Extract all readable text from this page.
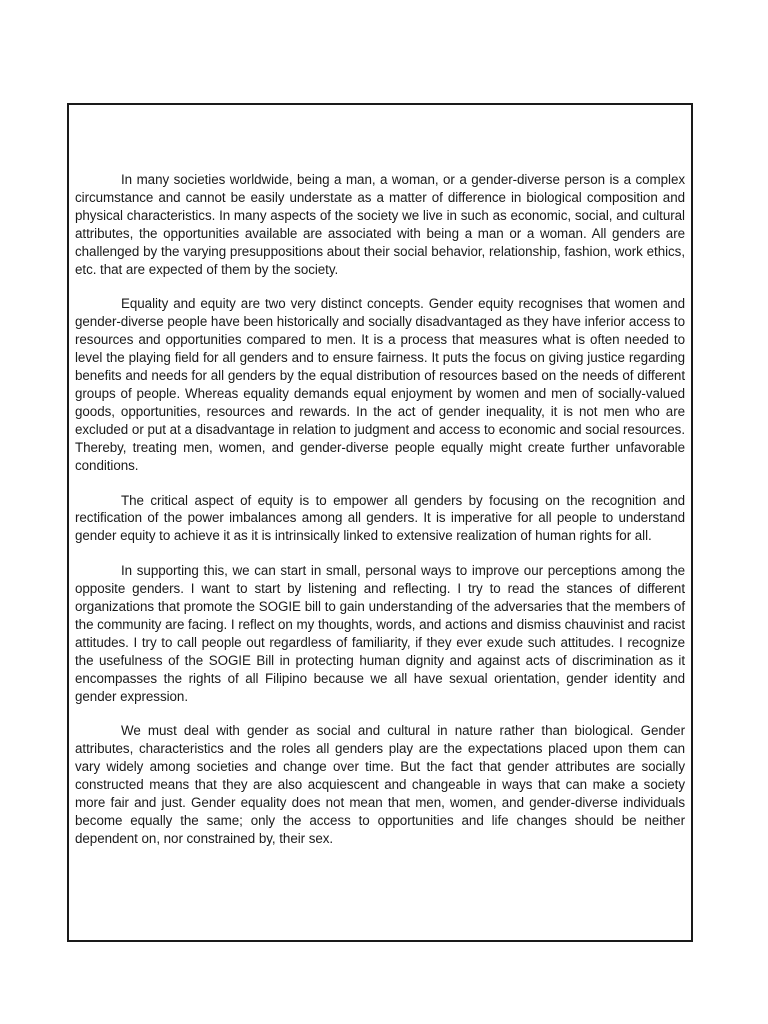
In many societies worldwide, being a man, a woman, or a gender-diverse person is a complex circumstance and cannot be easily understate as a matter of difference in biological composition and physical characteristics. In many aspects of the society we live in such as economic, social, and cultural attributes, the opportunities available are associated with being a man or a woman. All genders are challenged by the varying presuppositions about their social behavior, relationship, fashion, work ethics, etc. that are expected of them by the society.

Equality and equity are two very distinct concepts. Gender equity recognises that women and gender-diverse people have been historically and socially disadvantaged as they have inferior access to resources and opportunities compared to men. It is a process that measures what is often needed to level the playing field for all genders and to ensure fairness. It puts the focus on giving justice regarding benefits and needs for all genders by the equal distribution of resources based on the needs of different groups of people. Whereas equality demands equal enjoyment by women and men of socially-valued goods, opportunities, resources and rewards. In the act of gender inequality, it is not men who are excluded or put at a disadvantage in relation to judgment and access to economic and social resources. Thereby, treating men, women, and gender-diverse people equally might create further unfavorable conditions.

The critical aspect of equity is to empower all genders by focusing on the recognition and rectification of the power imbalances among all genders. It is imperative for all people to understand gender equity to achieve it as it is intrinsically linked to extensive realization of human rights for all.

In supporting this, we can start in small, personal ways to improve our perceptions among the opposite genders. I want to start by listening and reflecting. I try to read the stances of different organizations that promote the SOGIE bill to gain understanding of the adversaries that the members of the community are facing. I reflect on my thoughts, words, and actions and dismiss chauvinist and racist attitudes. I try to call people out regardless of familiarity, if they ever exude such attitudes. I recognize the usefulness of the SOGIE Bill in protecting human dignity and against acts of discrimination as it encompasses the rights of all Filipino because we all have sexual orientation, gender identity and gender expression.

We must deal with gender as social and cultural in nature rather than biological. Gender attributes, characteristics and the roles all genders play are the expectations placed upon them can vary widely among societies and change over time. But the fact that gender attributes are socially constructed means that they are also acquiescent and changeable in ways that can make a society more fair and just. Gender equality does not mean that men, women, and gender-diverse individuals become equally the same; only the access to opportunities and life changes should be neither dependent on, nor constrained by, their sex.
